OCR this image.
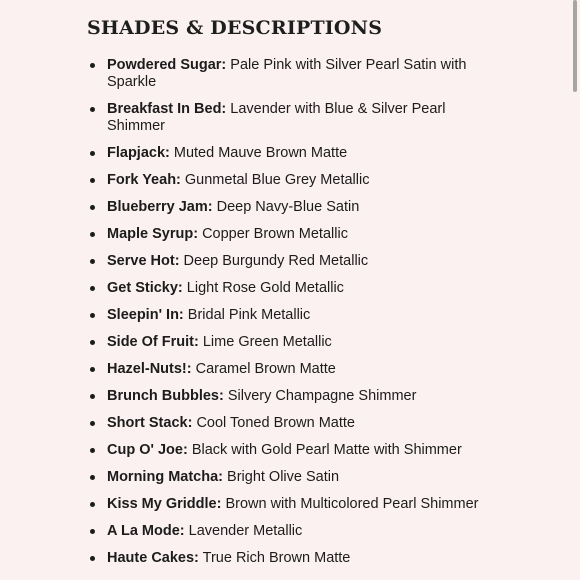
SHADES & DESCRIPTIONS
Powdered Sugar: Pale Pink with Silver Pearl Satin with Sparkle
Breakfast In Bed: Lavender with Blue & Silver Pearl Shimmer
Flapjack: Muted Mauve Brown Matte
Fork Yeah: Gunmetal Blue Grey Metallic
Blueberry Jam: Deep Navy-Blue Satin
Maple Syrup: Copper Brown Metallic
Serve Hot: Deep Burgundy Red Metallic
Get Sticky: Light Rose Gold Metallic
Sleepin' In: Bridal Pink Metallic
Side Of Fruit: Lime Green Metallic
Hazel-Nuts!: Caramel Brown Matte
Brunch Bubbles: Silvery Champagne Shimmer
Short Stack: Cool Toned Brown Matte
Cup O' Joe: Black with Gold Pearl Matte with Shimmer
Morning Matcha: Bright Olive Satin
Kiss My Griddle: Brown with Multicolored Pearl Shimmer
A La Mode: Lavender Metallic
Haute Cakes: True Rich Brown Matte
